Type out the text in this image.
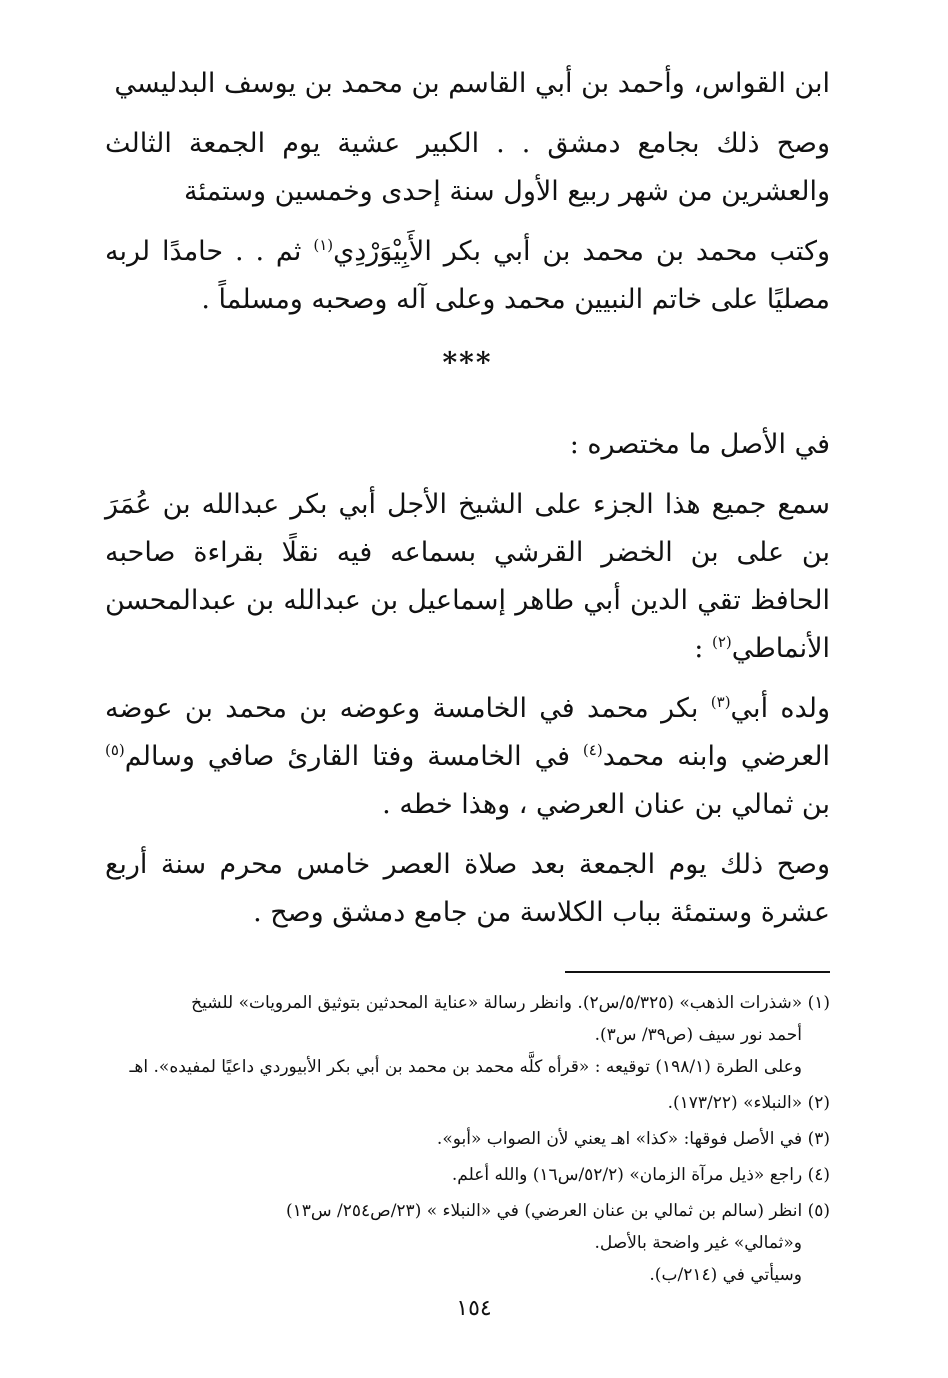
ابن القواس، وأحمد بن أبي القاسم بن محمد بن يوسف البدليسي

وصح ذلك بجامع دمشق . . الكبير عشية يوم الجمعة الثالث والعشرين من شهر ربيع الأول سنة إحدى وخمسين وستمئة

وكتب محمد بن محمد بن أبي بكر الأَبِيْوَرْدِي$^{(١)}$ ثم . . حامدًا لربه مصليًا على خاتم النبيين محمد وعلى آله وصحبه ومسلماً .

***

في الأصل ما مختصره :

سمع جميع هذا الجزء على الشيخ الأجل أبي بكر عبدالله بن عُمَرَ بن على بن الخضر القرشي بسماعه فيه نقلًا بقراءة صاحبه الحافظ تقي الدين أبي طاهر إسماعيل بن عبدالله بن عبدالمحسن الأنماطي$^{(٢)}$ :

ولده أبي$^{(٣)}$ بكر محمد في الخامسة وعوضه بن محمد بن عوضه العرضي وابنه محمد$^{(٤)}$ في الخامسة وفتا القارئ صافي وسالم$^{(٥)}$ بن ثمالي بن عنان العرضي ، وهذا خطه .

وصح ذلك يوم الجمعة بعد صلاة العصر خامس محرم سنة أربع عشرة وستمئة بباب الكلاسة من جامع دمشق وصح .

(١) «شذرات الذهب» (٥/٣٢٥/س٢). وانظر رسالة «عناية المحدثين بتوثيق المرويات» للشيخ
أحمد نور سيف (ص٣٩/ س٣).
وعلى الطرة (١٩٨/١) توقيعه : «قرأه كلَّه محمد بن محمد بن أبي بكر الأبيوردي داعيًا لمفيده». اهـ
(٢) «النبلاء» (١٧٣/٢٢).
(٣) في الأصل فوقها: «كذا» اهـ يعني لأن الصواب «أبو».
(٤) راجع «ذيل مرآة الزمان» (٥٢/٢/س١٦) والله أعلم.
(٥) انظر (سالم بن ثمالي بن عنان العرضي) في «النبلاء » (٢٣/ص٢٥٤/ س١٣)
و«ثمالي» غير واضحة بالأصل.
وسيأتي في (٢١٤/ب).
١٥٤
